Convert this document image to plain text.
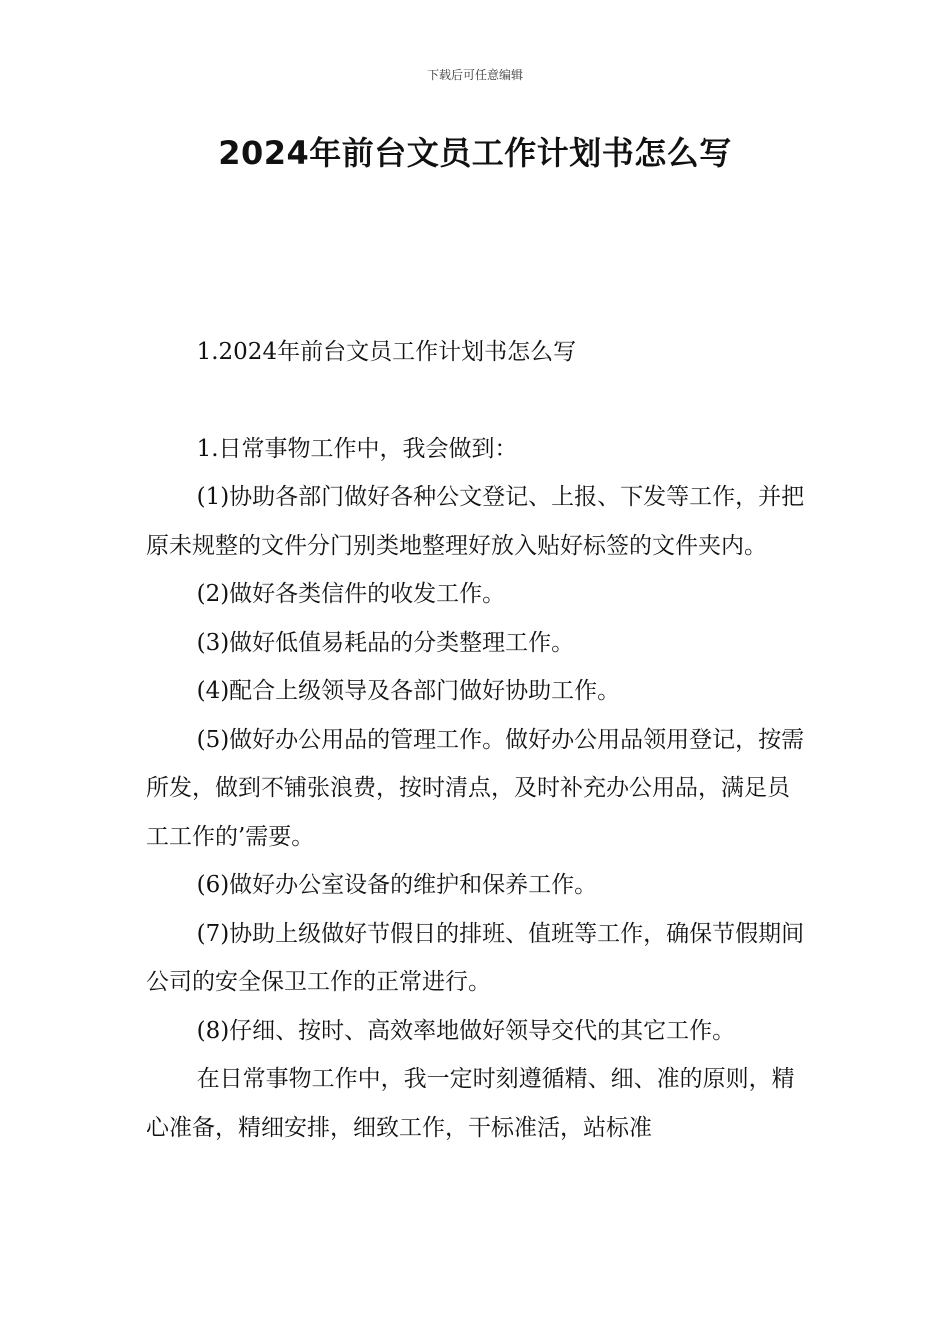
下载后可任意编辑
2024年前台文员工作计划书怎么写

1.2024年前台文员工作计划书怎么写

1.日常事物工作中，我会做到：

(1)协助各部门做好各种公文登记、上报、下发等工作，并把原未规整的文件分门别类地整理好放入贴好标签的文件夹内。

(2)做好各类信件的收发工作。

(3)做好低值易耗品的分类整理工作。

(4)配合上级领导及各部门做好协助工作。

(5)做好办公用品的管理工作。做好办公用品领用登记，按需所发，做到不铺张浪费，按时清点，及时补充办公用品，满足员工工作的’需要。

(6)做好办公室设备的维护和保养工作。

(7)协助上级做好节假日的排班、值班等工作，确保节假期间公司的安全保卫工作的正常进行。

(8)仔细、按时、高效率地做好领导交代的其它工作。

在日常事物工作中，我一定时刻遵循精、细、准的原则，精心准备，精细安排，细致工作，干标准活，站标准
